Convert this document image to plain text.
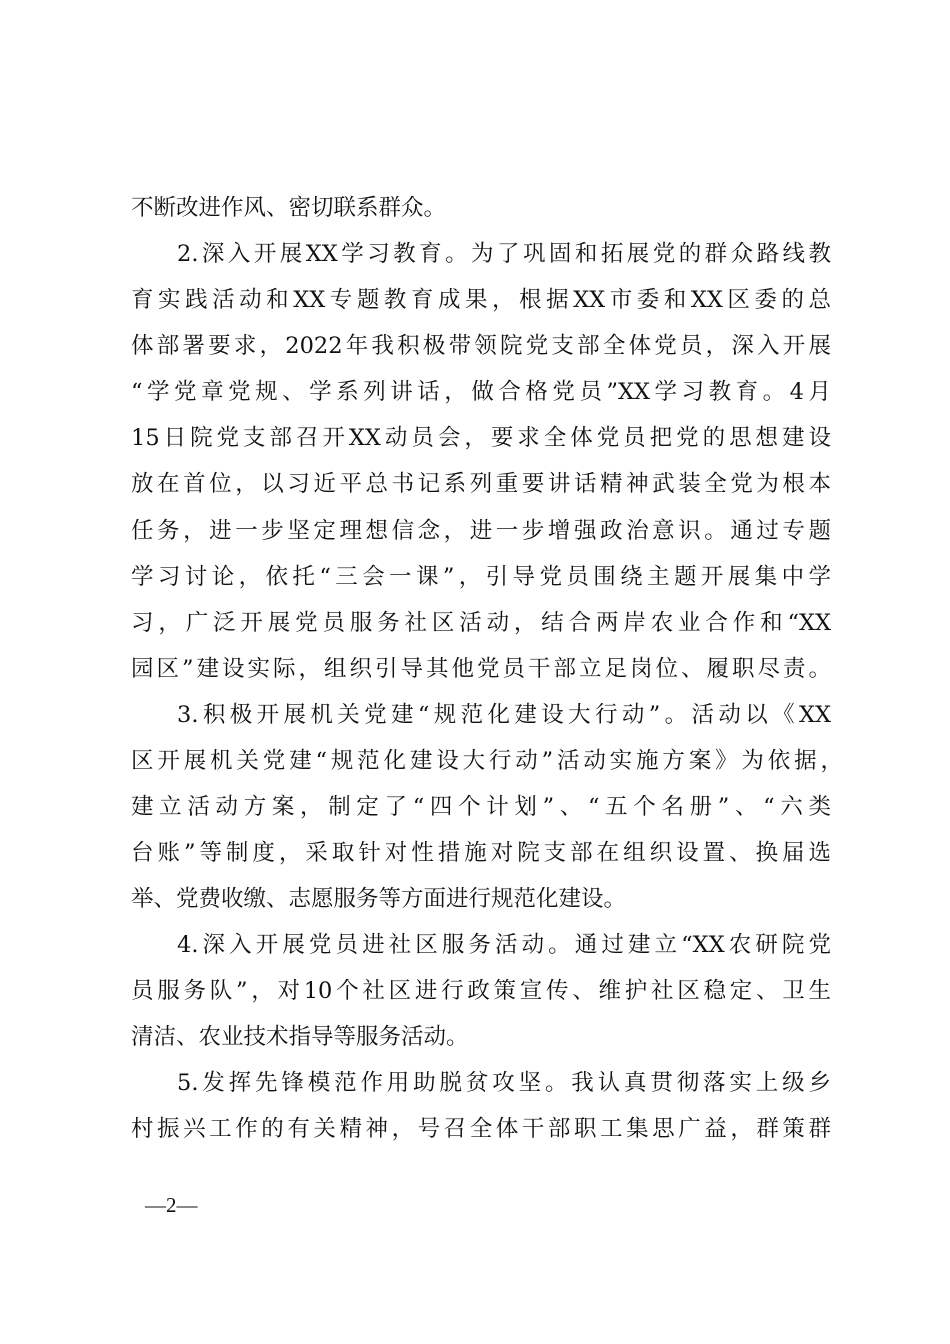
不断改进作风、密切联系群众。
2.深入开展XX学习教育。为了巩固和拓展党的群众路线教
育实践活动和XX专题教育成果，根据XX市委和XX区委的总
体部署要求，2022年我积极带领院党支部全体党员，深入开展
“学党章党规、学系列讲话，做合格党员”XX学习教育。4月
15日院党支部召开XX动员会，要求全体党员把党的思想建设
放在首位，以习近平总书记系列重要讲话精神武装全党为根本
任务，进一步坚定理想信念，进一步增强政治意识。通过专题
学习讨论，依托“三会一课”，引导党员围绕主题开展集中学
习，广泛开展党员服务社区活动，结合两岸农业合作和“XX
园区”建设实际，组织引导其他党员干部立足岗位、履职尽责。
3.积极开展机关党建“规范化建设大行动”。活动以《XX
区开展机关党建“规范化建设大行动”活动实施方案》为依据，
建立活动方案，制定了“四个计划”、“五个名册”、“六类
台账”等制度，采取针对性措施对院支部在组织设置、换届选
举、党费收缴、志愿服务等方面进行规范化建设。
4.深入开展党员进社区服务活动。通过建立“XX农研院党
员服务队”，对10个社区进行政策宣传、维护社区稳定、卫生
清洁、农业技术指导等服务活动。
5.发挥先锋模范作用助脱贫攻坚。我认真贯彻落实上级乡
村振兴工作的有关精神，号召全体干部职工集思广益，群策群
—2—
